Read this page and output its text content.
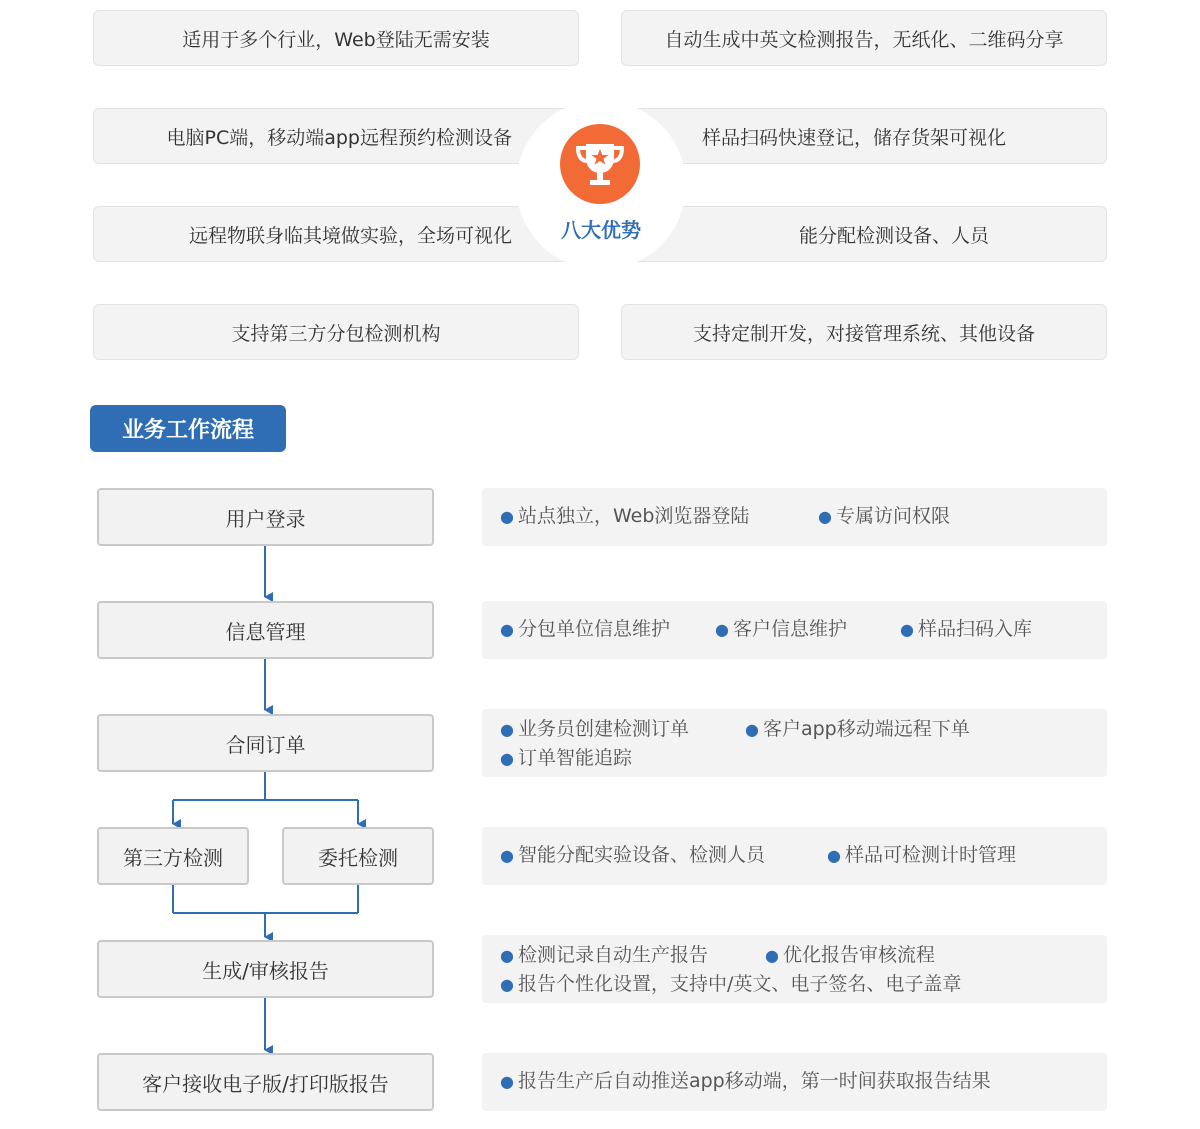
适用于多个行业，Web登陆无需安装	自动生成中英文检测报告，无纸化、二维码分享
电脑PC端，移动端app远程预约检测设备	样品扫码快速登记，储存货架可视化
远程物联身临其境做实验，全场可视化	能分配检测设备、人员
支持第三方分包检测机构	支持定制开发，对接管理系统、其他设备
八大优势
业务工作流程
用户登录
信息管理
合同订单
第三方检测	委托检测
生成/审核报告
客户接收电子版/打印版报告
● 站点独立，Web浏览器登陆	● 专属访问权限
● 分包单位信息维护	● 客户信息维护	● 样品扫码入库
● 业务员创建检测订单	● 客户app移动端远程下单
● 订单智能追踪
● 智能分配实验设备、检测人员	● 样品可检测计时管理
● 检测记录自动生产报告	● 优化报告审核流程
● 报告个性化设置，支持中/英文、电子签名、电子盖章
● 报告生产后自动推送app移动端，第一时间获取报告结果
